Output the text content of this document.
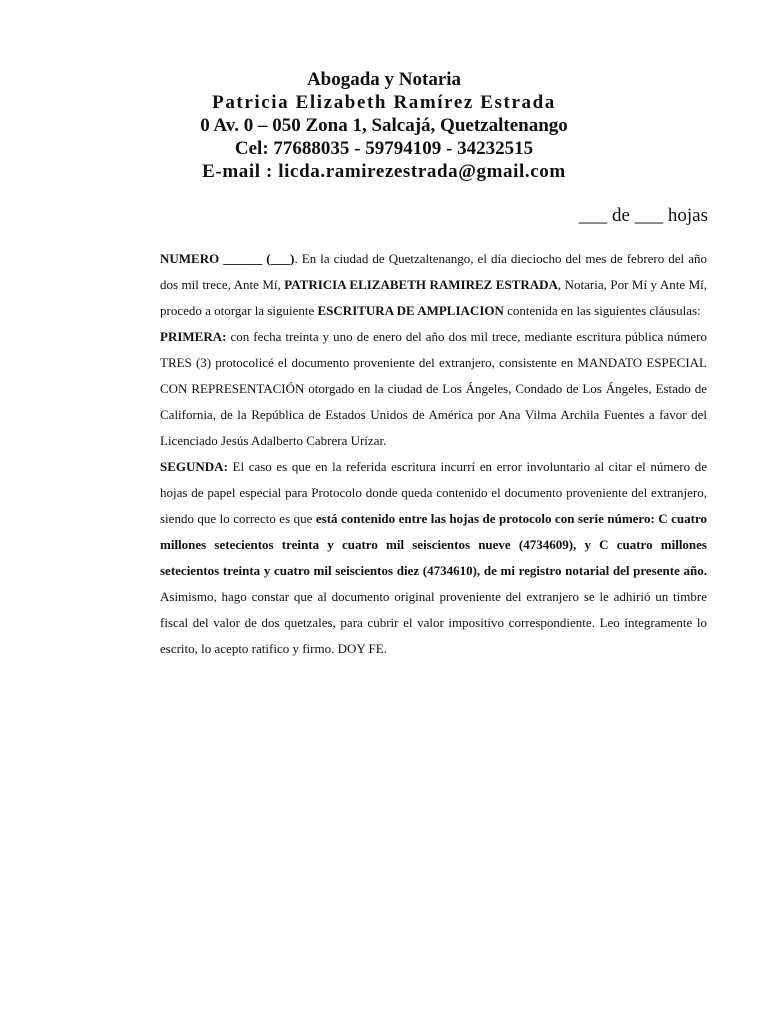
Abogada y Notaria
Patricia Elizabeth Ramírez Estrada
0 Av. 0 – 050 Zona 1, Salcajá, Quetzaltenango
Cel: 77688035 - 59794109 - 34232515
E-mail : licda.ramirezestrada@gmail.com
___ de ___ hojas

NUMERO ______ (___). En la ciudad de Quetzaltenango, el día dieciocho del mes de febrero del año dos mil trece, Ante Mí, PATRICIA ELIZABETH RAMIREZ ESTRADA, Notaria, Por Mí y Ante Mí, procedo a otorgar la siguiente ESCRITURA DE AMPLIACION contenida en las siguientes cláusulas:

PRIMERA: con fecha treinta y uno de enero del año dos mil trece, mediante escritura pública número TRES (3) protocolicé el documento proveniente del extranjero, consistente en MANDATO ESPECIAL CON REPRESENTACIÓN otorgado en la ciudad de Los Ángeles, Condado de Los Ángeles, Estado de California, de la República de Estados Unidos de América por Ana Vilma Archila Fuentes a favor del Licenciado Jesús Adalberto Cabrera Urízar.

SEGUNDA: El caso es que en la referida escritura incurrí en error involuntario al citar el número de hojas de papel especial para Protocolo donde queda contenido el documento proveniente del extranjero, siendo que lo correcto es que está contenido entre las hojas de protocolo con serie número: C cuatro millones setecientos treinta y cuatro mil seiscientos nueve (4734609), y C cuatro millones setecientos treinta y cuatro mil seiscientos diez (4734610), de mi registro notarial del presente año. Asimismo, hago constar que al documento original proveniente del extranjero se le adhirió un timbre fiscal del valor de dos quetzales, para cubrir el valor impositivo correspondiente. Leo íntegramente lo escrito, lo acepto ratifico y firmo. DOY FE.
